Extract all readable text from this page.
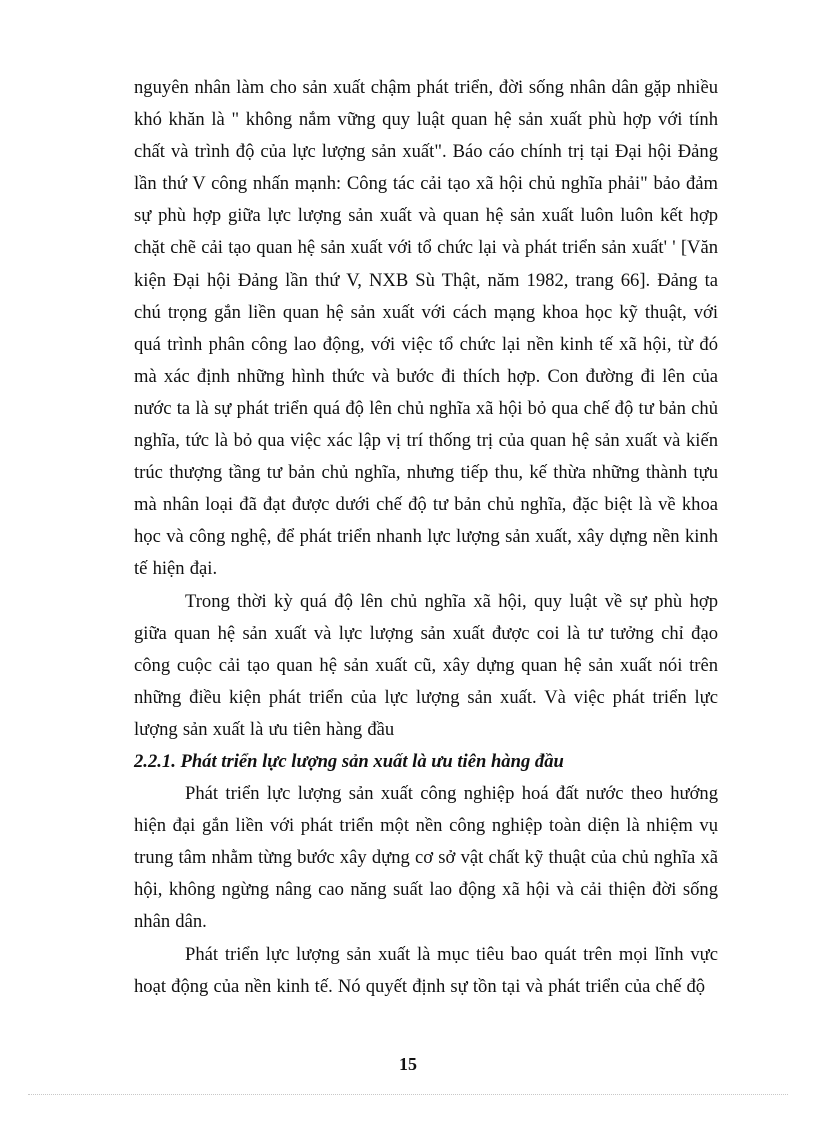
nguyên nhân làm cho sản xuất chậm phát triển, đời sống nhân dân gặp nhiều khó khăn là " không nắm vững quy luật quan hệ sản xuất phù hợp với tính chất và trình độ của lực lượng sản xuất". Báo cáo chính trị tại Đại hội Đảng lần thứ V công nhấn mạnh: Công tác cải tạo xã hội chủ nghĩa phải" bảo đảm sự phù hợp giữa lực lượng sản xuất và quan hệ sản xuất luôn luôn kết hợp chặt chẽ cải tạo quan hệ sản xuất với tổ chức lại và phát triển sản xuất' ' [Văn kiện Đại hội Đảng lần thứ V, NXB Sù Thật, năm 1982, trang 66]. Đảng ta chú trọng gắn liền quan hệ sản xuất với cách mạng khoa học kỹ thuật, với quá trình phân công lao động, với việc tổ chức lại nền kinh tế xã hội, từ đó mà xác định những hình thức và bước đi thích hợp. Con đường đi lên của nước ta là sự phát triển quá độ lên chủ nghĩa xã hội bỏ qua chế độ tư bản chủ nghĩa, tức là bỏ qua việc xác lập vị trí thống trị của quan hệ sản xuất và kiến trúc thượng tầng tư bản chủ nghĩa, nhưng tiếp thu, kế thừa những thành tựu mà nhân loại đã đạt được dưới chế độ tư bản chủ nghĩa, đặc biệt là về khoa học và công nghệ, để phát triển nhanh lực lượng sản xuất, xây dựng nền kinh tế hiện đại.

Trong thời kỳ quá độ lên chủ nghĩa xã hội, quy luật về sự phù hợp giữa quan hệ sản xuất và lực lượng sản xuất được coi là tư tưởng chỉ đạo công cuộc cải tạo quan hệ sản xuất cũ, xây dựng quan hệ sản xuất nói trên những điều kiện phát triển của lực lượng sản xuất. Và việc phát triển lực lượng sản xuất là ưu tiên hàng đầu

2.2.1. Phát triển lực lượng sản xuất là ưu tiên hàng đầu

Phát triển lực lượng sản xuất công nghiệp hoá đất nước theo hướng hiện đại gắn liền với phát triển một nền công nghiệp toàn diện là nhiệm vụ trung tâm nhằm từng bước xây dựng cơ sở vật chất kỹ thuật của chủ nghĩa xã hội, không ngừng nâng cao năng suất lao động xã hội và cải thiện đời sống nhân dân.

Phát triển lực lượng sản xuất là mục tiêu bao quát trên mọi lĩnh vực hoạt động của nền kinh tế. Nó quyết định sự tồn tại và phát triển của chế độ

15
